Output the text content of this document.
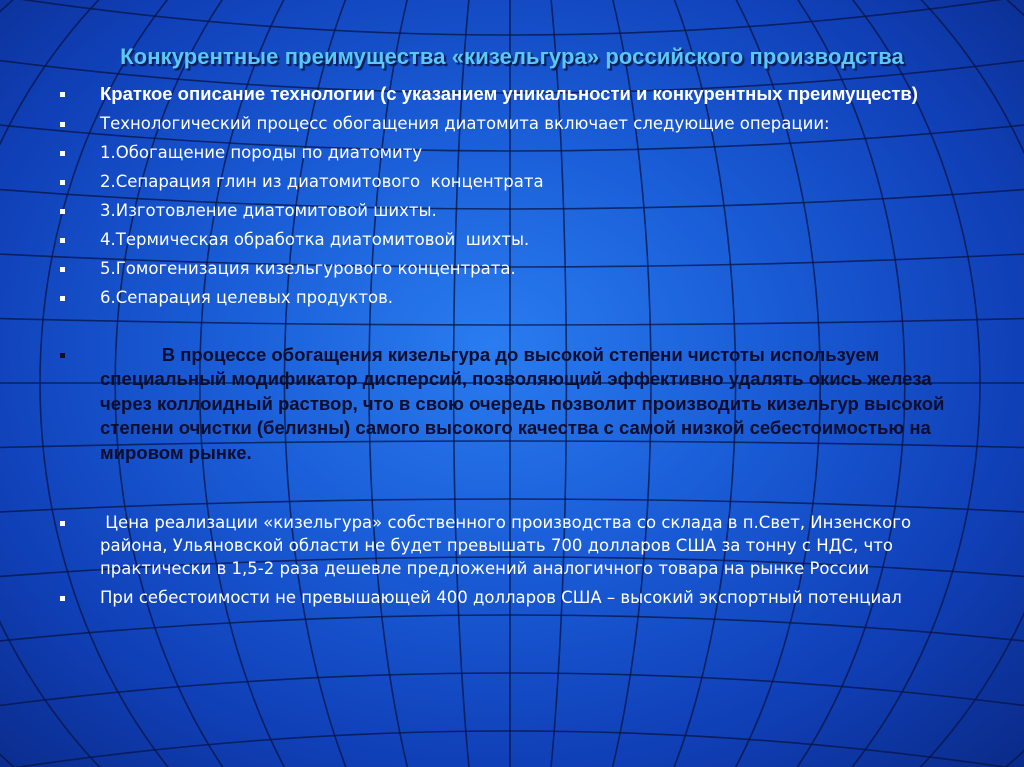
Конкурентные преимущества «кизельгура» российского производства
Краткое описание технологии (с указанием уникальности и конкурентных преимуществ)
Технологический процесс обогащения диатомита включает следующие операции:
1.Обогащение породы по диатомиту
2.Сепарация глин из диатомитового  концентрата
3.Изготовление диатомитовой шихты.
4.Термическая обработка диатомитовой  шихты.
5.Гомогенизация кизельгурового концентрата.
6.Сепарация целевых продуктов.
В процессе обогащения кизельгура до высокой степени чистоты используем специальный модификатор дисперсий, позволяющий эффективно удалять окись железа  через коллоидный раствор, что в свою очередь позволит производить кизельгур высокой степени очистки (белизны) самого высокого качества с самой низкой себестоимостью на мировом рынке.
Цена реализации «кизельгура» собственного производства со склада в п.Свет, Инзенского района, Ульяновской области не будет превышать 700 долларов США за тонну с НДС, что практически в 1,5-2 раза дешевле предложений аналогичного товара на рынке России
При себестоимости не превышающей 400 долларов США – высокий экспортный потенциал
